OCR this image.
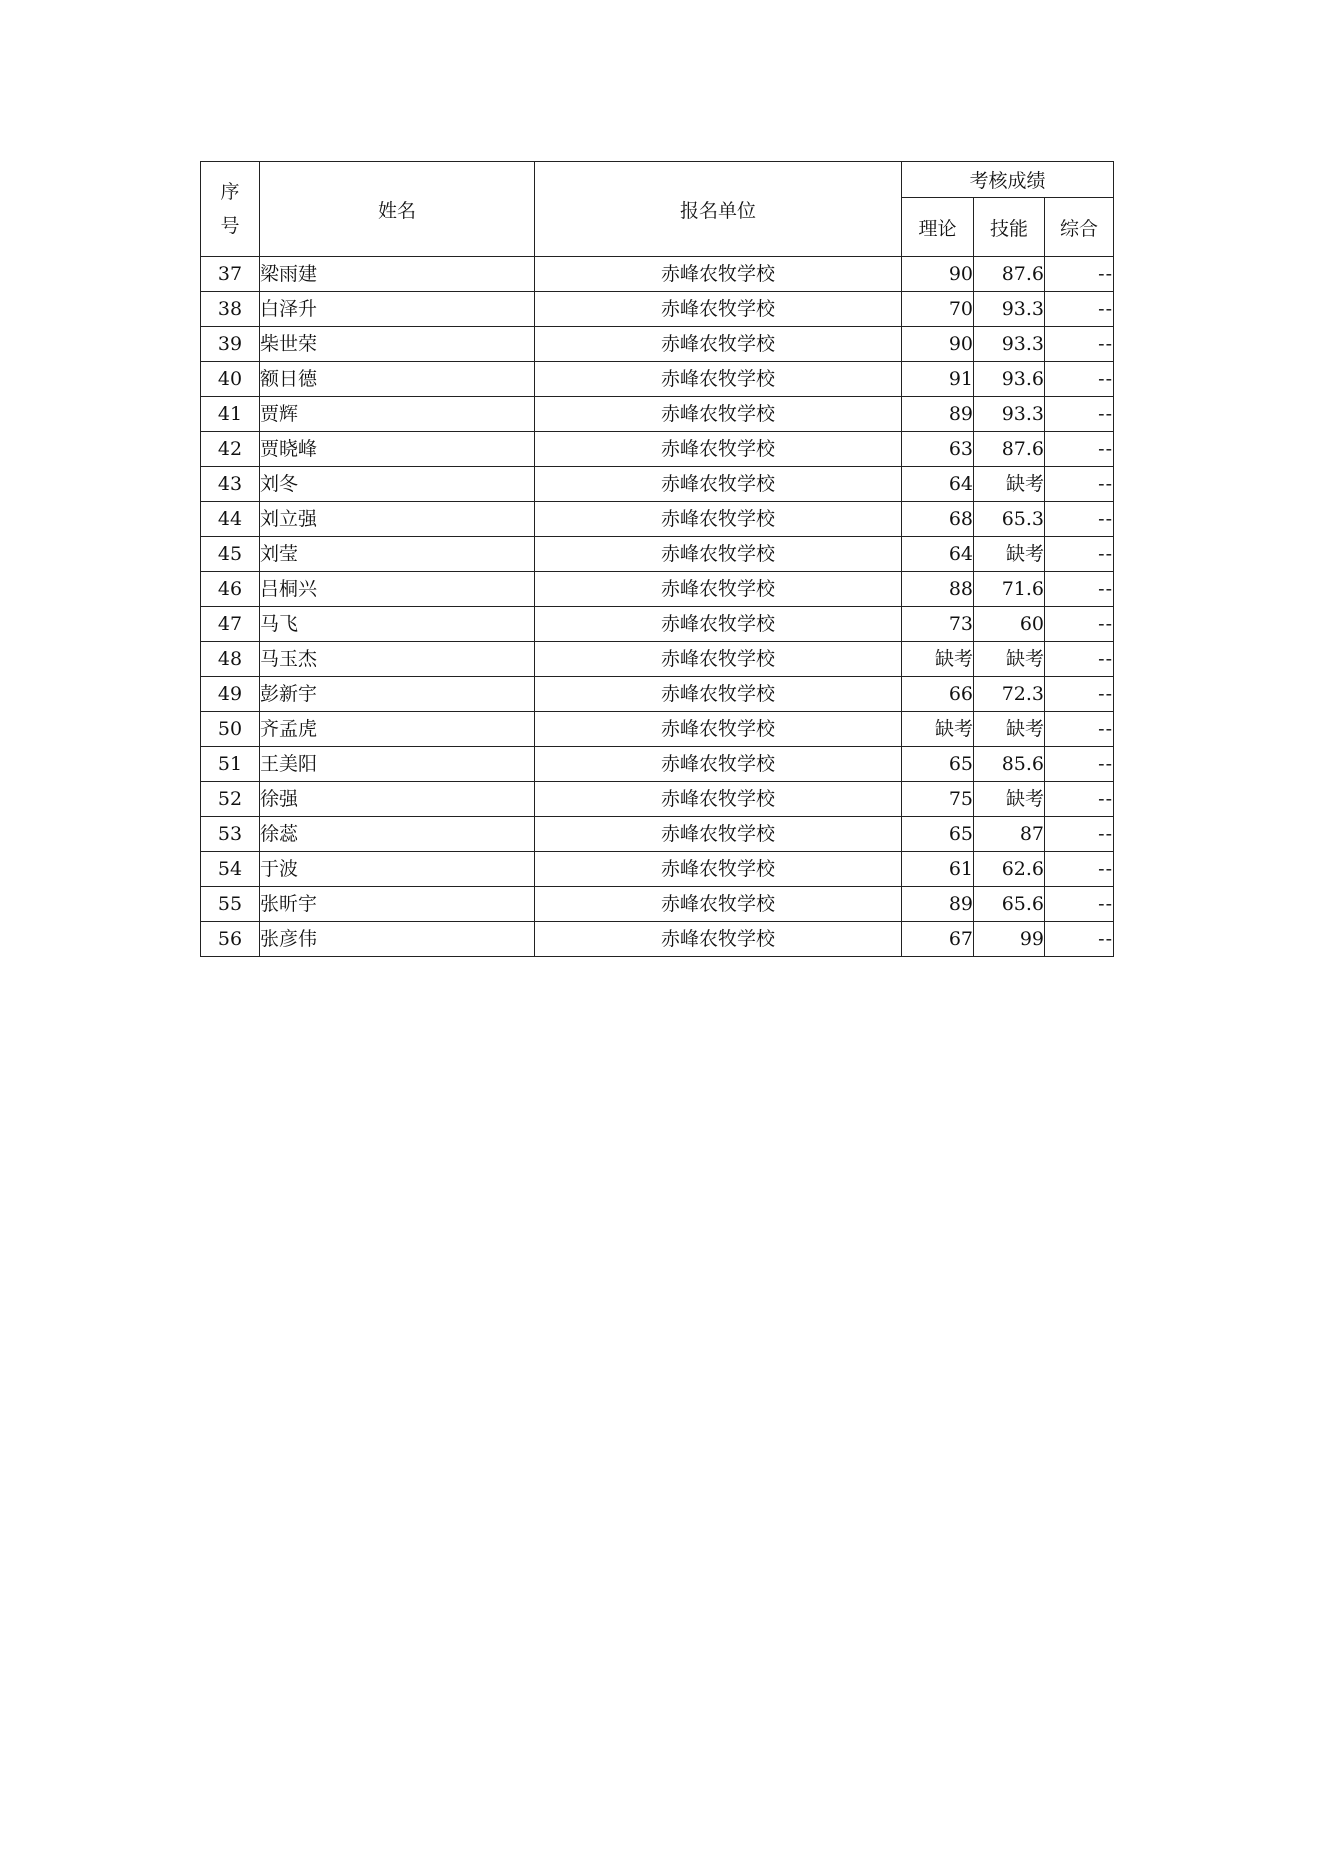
序
号	姓名	报名单位	考核成绩		
			理论	技能	综合
37	梁雨建	赤峰农牧学校	90	87.6	--
38	白泽升	赤峰农牧学校	70	93.3	--
39	柴世荣	赤峰农牧学校	90	93.3	--
40	额日德	赤峰农牧学校	91	93.6	--
41	贾辉	赤峰农牧学校	89	93.3	--
42	贾晓峰	赤峰农牧学校	63	87.6	--
43	刘冬	赤峰农牧学校	64	缺考	--
44	刘立强	赤峰农牧学校	68	65.3	--
45	刘莹	赤峰农牧学校	64	缺考	--
46	吕桐兴	赤峰农牧学校	88	71.6	--
47	马飞	赤峰农牧学校	73	60	--
48	马玉杰	赤峰农牧学校	缺考	缺考	--
49	彭新宇	赤峰农牧学校	66	72.3	--
50	齐孟虎	赤峰农牧学校	缺考	缺考	--
51	王美阳	赤峰农牧学校	65	85.6	--
52	徐强	赤峰农牧学校	75	缺考	--
53	徐蕊	赤峰农牧学校	65	87	--
54	于波	赤峰农牧学校	61	62.6	--
55	张昕宇	赤峰农牧学校	89	65.6	--
56	张彦伟	赤峰农牧学校	67	99	--
